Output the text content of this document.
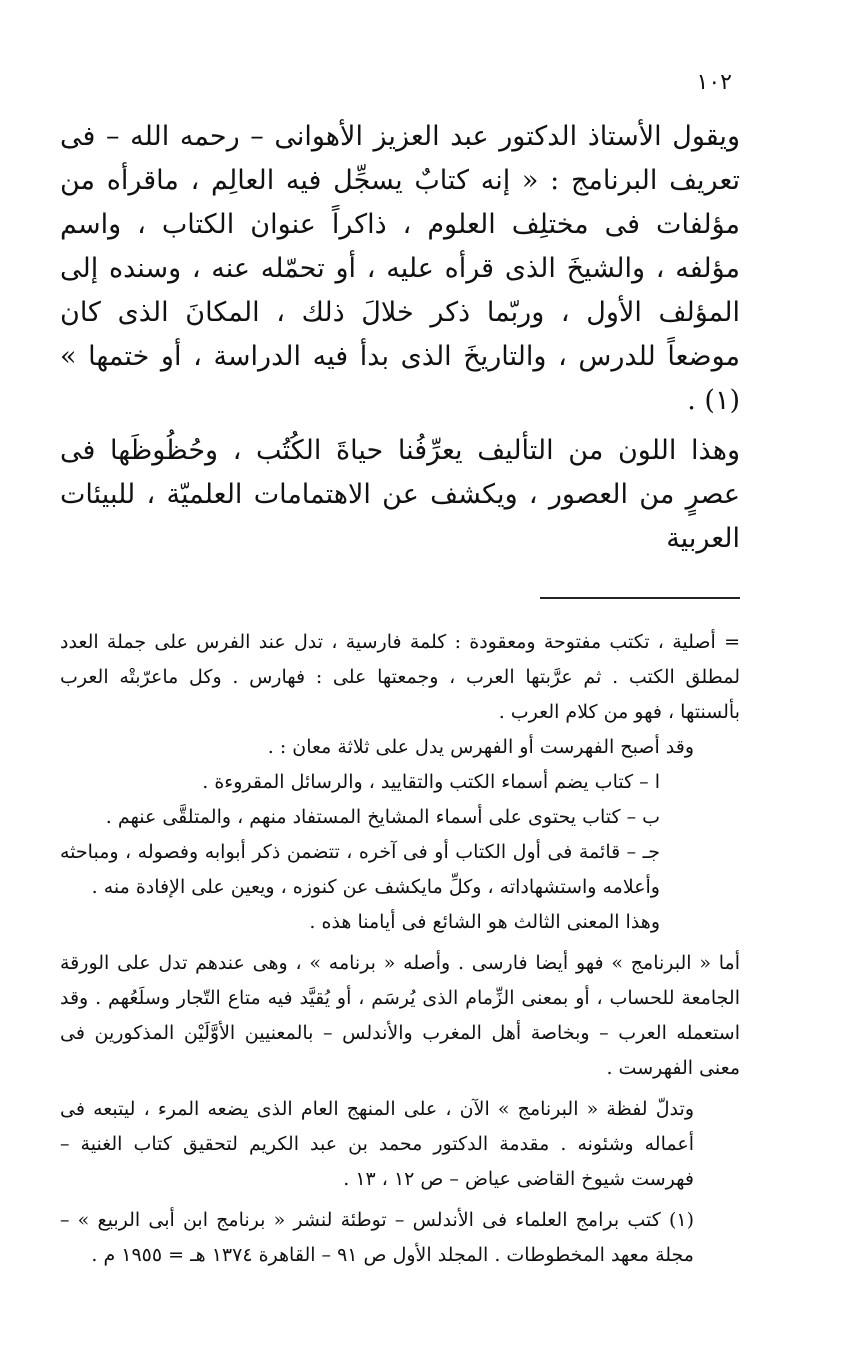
١٠٢

ويقول الأستاذ الدكتور عبد العزيز الأهوانى – رحمه الله – فى تعريف البرنامج : « إنه كتابٌ يسجِّل فيه العالِم ، ماقرأه من مؤلفات فى مختلِف العلوم ، ذاكراً عنوان الكتاب ، واسم مؤلفه ، والشيخَ الذى قرأه عليه ، أو تحمّله عنه ، وسنده إلى المؤلف الأول ، وربّما ذكر خلالَ ذلك ، المكانَ الذى كان موضعاً للدرس ، والتاريخَ الذى بدأ فيه الدراسة ، أو ختمها » (١) .

وهذا اللون من التأليف يعرِّفُنا حياةَ الكُتُب ، وحُظُوظَها فى عصرٍ من العصور ، ويكشف عن الاهتمامات العلميّة ، للبيئات العربية

= أصلية ، تكتب مفتوحة ومعقودة : كلمة فارسية ، تدل عند الفرس على جملة العدد لمطلق الكتب . ثم عرَّبتها العرب ، وجمعتها على : فهارس . وكل ماعرّبتْه العرب بألسنتها ، فهو من كلام العرب .

وقد أصبح الفهرست أو الفهرس يدل على ثلاثة معان : .

ا – كتاب يضم أسماء الكتب والتقاييد ، والرسائل المقروءة .

ب – كتاب يحتوى على أسماء المشايخ المستفاد منهم ، والمتلقَّى عنهم .

جـ – قائمة فى أول الكتاب أو فى آخره ، تتضمن ذكر أبوابه وفصوله ، ومباحثه وأعلامه واستشهاداته ، وكلِّ مايكشف عن كنوزه ، ويعين على الإفادة منه .

وهذا المعنى الثالث هو الشائع فى أيامنا هذه .

أما « البرنامج » فهو أيضا فارسى . وأصله « برنامه » ، وهى عندهم تدل على الورقة الجامعة للحساب ، أو بمعنى الزِّمام الذى يُرسَم ، أو يُقيَّد فيه متاع التّجار وسلَعُهم . وقد استعمله العرب – وبخاصة أهل المغرب والأندلس – بالمعنيين الأوَّلَيْن المذكورين فى معنى الفهرست .

وتدلّ لفظة « البرنامج » الآن ، على المنهج العام الذى يضعه المرء ، ليتبعه فى أعماله وشئونه . مقدمة الدكتور محمد بن عبد الكريم لتحقيق كتاب الغنية – فهرست شيوخ القاضى عياض – ص ١٢ ، ١٣ .

(١) كتب برامج العلماء فى الأندلس – توطئة لنشر « برنامج ابن أبى الربيع » – مجلة معهد المخطوطات . المجلد الأول ص ٩١ – القاهرة ١٣٧٤ هـ = ١٩٥٥ م .
